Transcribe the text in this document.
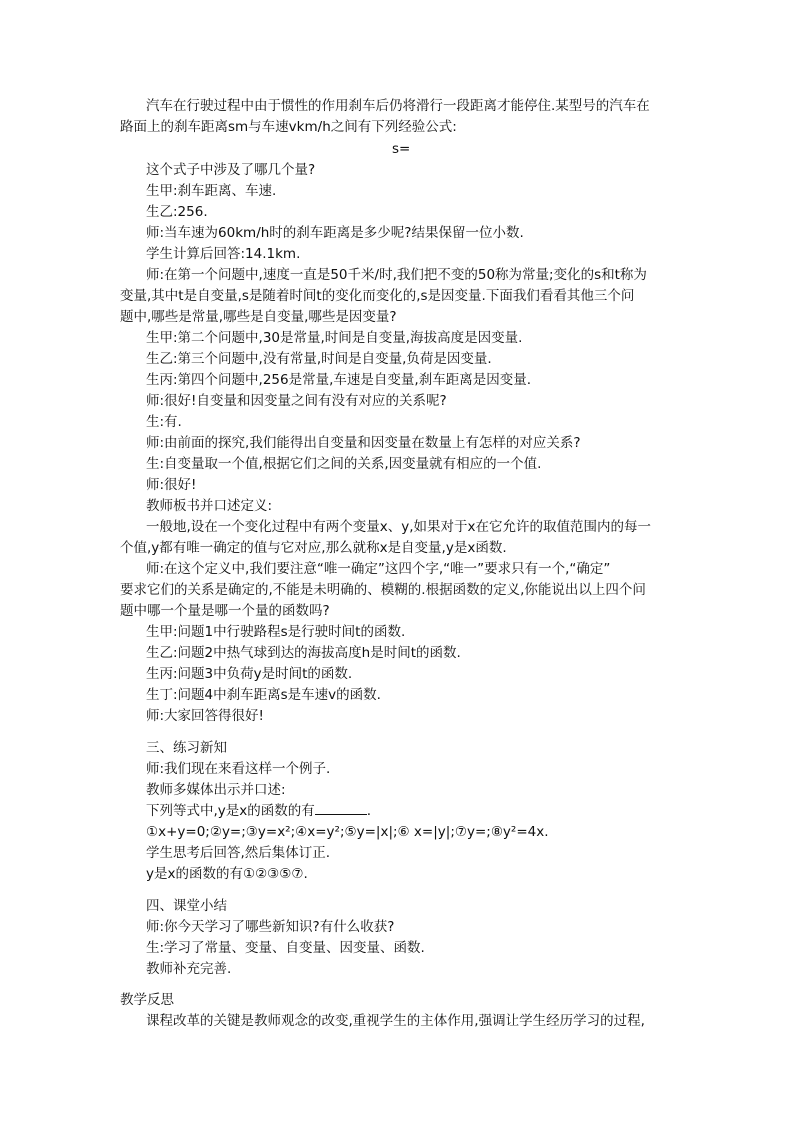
汽车在行驶过程中由于惯性的作用刹车后仍将滑行一段距离才能停住.某型号的汽车在
路面上的刹车距离sm与车速vkm/h之间有下列经验公式:
s=
这个式子中涉及了哪几个量?
生甲:刹车距离、车速.
生乙:256.
师:当车速为60km/h时的刹车距离是多少呢?结果保留一位小数.
学生计算后回答:14.1km.
师:在第一个问题中,速度一直是50千米/时,我们把不变的50称为常量;变化的s和t称为
变量,其中t是自变量,s是随着时间t的变化而变化的,s是因变量.下面我们看看其他三个问
题中,哪些是常量,哪些是自变量,哪些是因变量?
生甲:第二个问题中,30是常量,时间是自变量,海拔高度是因变量.
生乙:第三个问题中,没有常量,时间是自变量,负荷是因变量.
生丙:第四个问题中,256是常量,车速是自变量,刹车距离是因变量.
师:很好!自变量和因变量之间有没有对应的关系呢?
生:有.
师:由前面的探究,我们能得出自变量和因变量在数量上有怎样的对应关系?
生:自变量取一个值,根据它们之间的关系,因变量就有相应的一个值.
师:很好!
教师板书并口述定义:
一般地,设在一个变化过程中有两个变量x、y,如果对于x在它允许的取值范围内的每一
个值,y都有唯一确定的值与它对应,那么就称x是自变量,y是x函数.
师:在这个定义中,我们要注意“唯一确定”这四个字,“唯一”要求只有一个,“确定”
要求它们的关系是确定的,不能是未明确的、模糊的.根据函数的定义,你能说出以上四个问
题中哪一个量是哪一个量的函数吗?
生甲:问题1中行驶路程s是行驶时间t的函数.
生乙:问题2中热气球到达的海拔高度h是时间t的函数.
生丙:问题3中负荷y是时间t的函数.
生丁:问题4中刹车距离s是车速v的函数.
师:大家回答得很好!
三、练习新知
师:我们现在来看这样一个例子.
教师多媒体出示并口述:
下列等式中,y是x的函数的有	.
①x+y=0;②y=;③y=x²;④x=y²;⑤y=|x|;⑥ x=|y|;⑦y=;⑧y²=4x.
学生思考后回答,然后集体订正.
y是x的函数的有①②③⑤⑦.
四、课堂小结
师:你今天学习了哪些新知识?有什么收获?
生:学习了常量、变量、自变量、因变量、函数.
教师补充完善.
教学反思
课程改革的关键是教师观念的改变,重视学生的主体作用,强调让学生经历学习的过程,
